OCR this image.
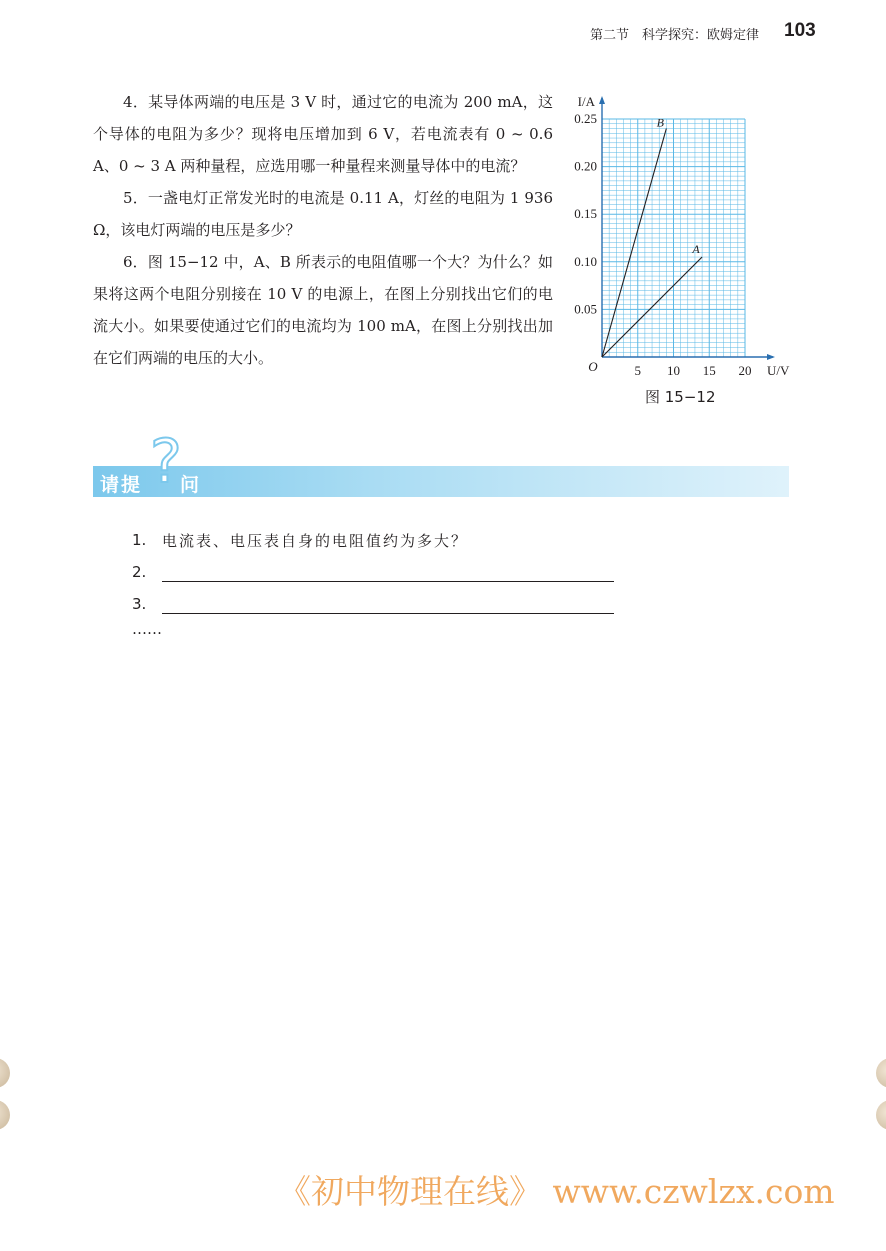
第二节　科学探究：欧姆定律 103

4．某导体两端的电压是 3 V 时，通过它的电流为 200 mA，这个导体的电阻为多少？现将电压增加到 6 V，若电流表有 0 ~ 0.6 A、0 ~ 3 A 两种量程，应选用哪一种量程来测量导体中的电流？

5．一盏电灯正常发光时的电流是 0.11 A，灯丝的电阻为 1 936 Ω，该电灯两端的电压是多少？

6．图 15−12 中，A、B 所表示的电阻值哪一个大？为什么？如果将这两个电阻分别接在 10 V 的电源上，在图上分别找出它们的电流大小。如果要使通过它们的电流均为 100 mA，在图上分别找出加在它们两端的电压的大小。

5 10 15 20
0.05
0.10
0.15
0.20
0.25
O	U/V
I/A
A
B
图 15−12
请提 ?
问
1.	电流表、电压表自身的电阻值约为多大？
2.
3.
……
《初中物理在线》 www.czwlzx.com
